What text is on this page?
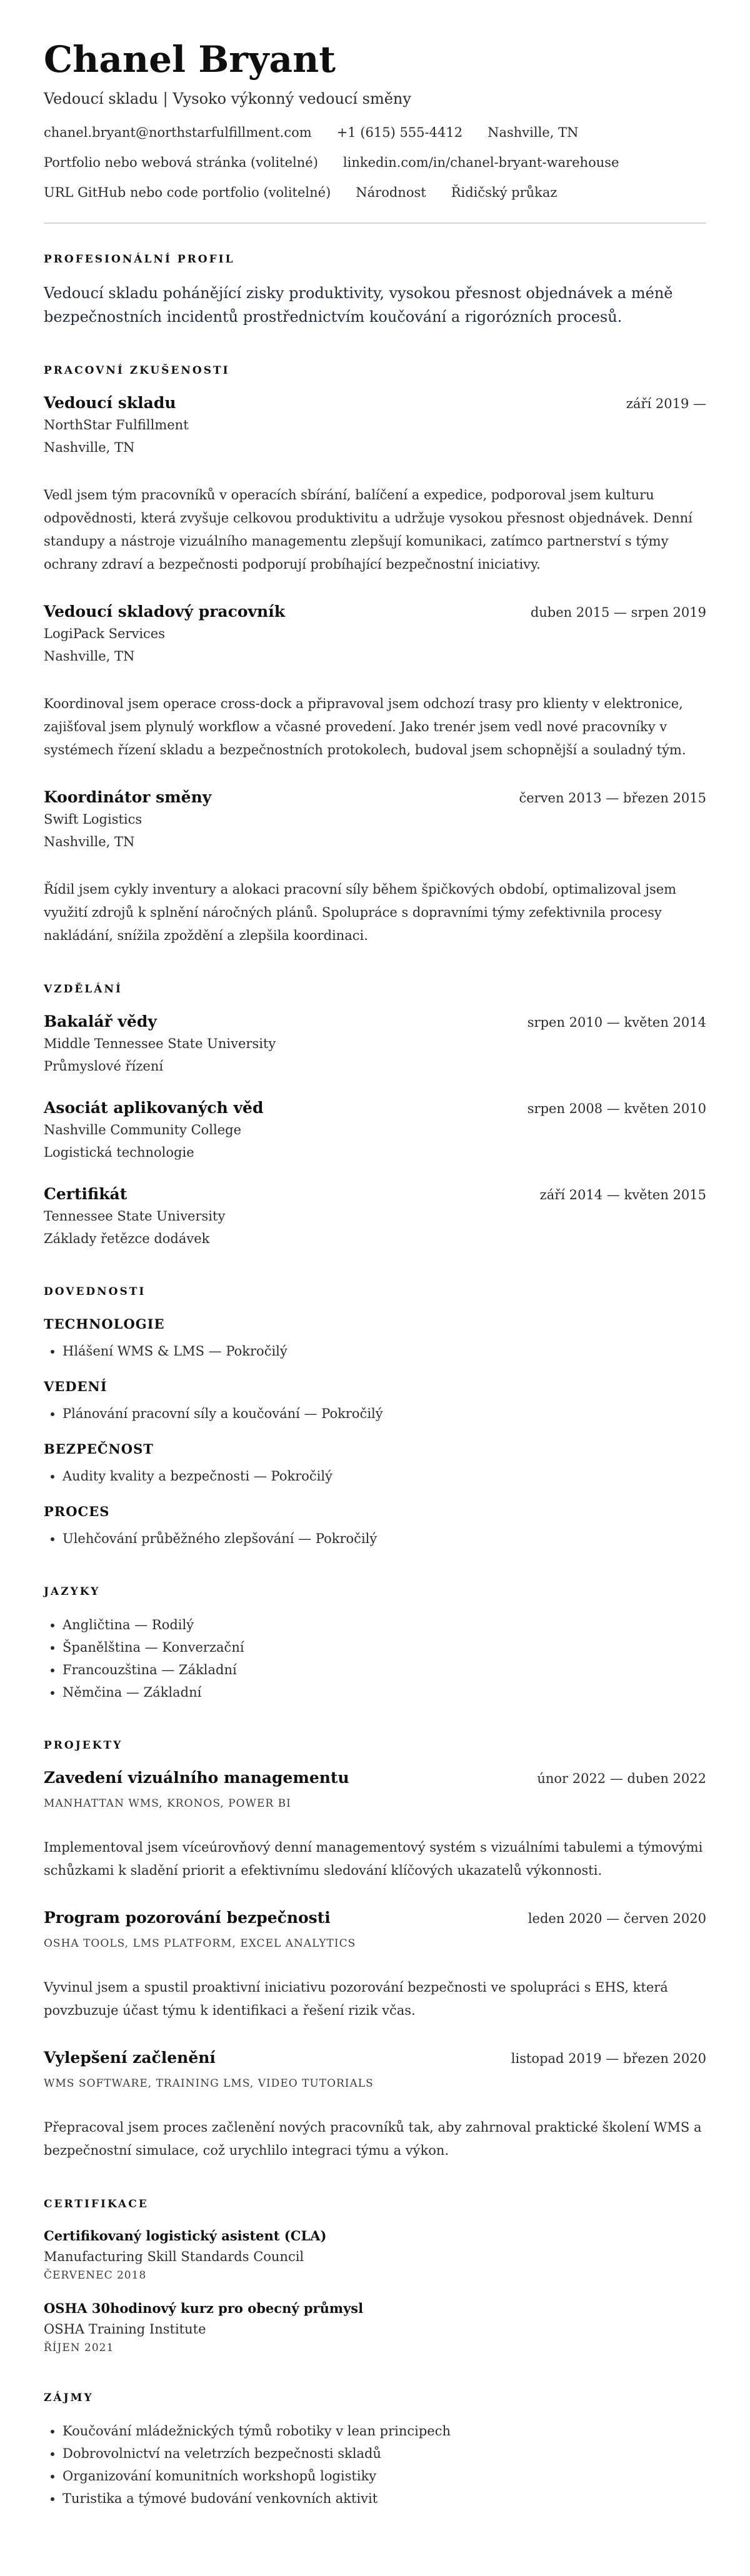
Chanel Bryant
Vedoucí skladu | Vysoko výkonný vedoucí směny
chanel.bryant@northstarfulfillment.com +1 (615) 555-4412 Nashville, TN
Portfolio nebo webová stránka (volitelné) linkedin.com/in/chanel-bryant-warehouse
URL GitHub nebo code portfolio (volitelné) Národnost Řidičský průkaz
PROFESIONÁLNÍ PROFIL

Vedoucí skladu pohánějící zisky produktivity, vysokou přesnost objednávek a méně bezpečnostních incidentů prostřednictvím koučování a rigorózních procesů.

PRACOVNÍ ZKUŠENOSTI
Vedoucí skladu	září 2019 —
NorthStar Fulfillment
Nashville, TN

Vedl jsem tým pracovníků v operacích sbírání, balíčení a expedice, podporoval jsem kulturu odpovědnosti, která zvyšuje celkovou produktivitu a udržuje vysokou přesnost objednávek. Denní standupy a nástroje vizuálního managementu zlepšují komunikaci, zatímco partnerství s týmy ochrany zdraví a bezpečnosti podporují probíhající bezpečnostní iniciativy.

Vedoucí skladový pracovník	duben 2015 — srpen 2019
LogiPack Services
Nashville, TN

Koordinoval jsem operace cross-dock a připravoval jsem odchozí trasy pro klienty v elektronice, zajišťoval jsem plynulý workflow a včasné provedení. Jako trenér jsem vedl nové pracovníky v systémech řízení skladu a bezpečnostních protokolech, budoval jsem schopnější a souladný tým.

Koordinátor směny	červen 2013 — březen 2015
Swift Logistics
Nashville, TN

Řídil jsem cykly inventury a alokaci pracovní síly během špičkových období, optimalizoval jsem využití zdrojů k splnění náročných plánů. Spolupráce s dopravními týmy zefektivnila procesy nakládání, snížila zpoždění a zlepšila koordinaci.

VZDĚLÁNÍ
Bakalář vědy	srpen 2010 — květen 2014
Middle Tennessee State University
Průmyslové řízení
Asociát aplikovaných věd	srpen 2008 — květen 2010
Nashville Community College
Logistická technologie
Certifikát	září 2014 — květen 2015
Tennessee State University
Základy řetězce dodávek
DOVEDNOSTI
TECHNOLOGIE
• Hlášení WMS & LMS — Pokročilý
VEDENÍ
• Plánování pracovní síly a koučování — Pokročilý
BEZPEČNOST
• Audity kvality a bezpečnosti — Pokročilý
PROCES
• Ulehčování průběžného zlepšování — Pokročilý
JAZYKY
• Angličtina — Rodilý
• Španělština — Konverzační
• Francouzština — Základní
• Němčina — Základní
PROJEKTY
Zavedení vizuálního managementu	únor 2022 — duben 2022
MANHATTAN WMS, KRONOS, POWER BI

Implementoval jsem víceúrovňový denní managementový systém s vizuálními tabulemi a týmovými schůzkami k sladění priorit a efektivnímu sledování klíčových ukazatelů výkonnosti.

Program pozorování bezpečnosti	leden 2020 — červen 2020
OSHA TOOLS, LMS PLATFORM, EXCEL ANALYTICS

Vyvinul jsem a spustil proaktivní iniciativu pozorování bezpečnosti ve spolupráci s EHS, která povzbuzuje účast týmu k identifikaci a řešení rizik včas.

Vylepšení začlenění	listopad 2019 — březen 2020
WMS SOFTWARE, TRAINING LMS, VIDEO TUTORIALS

Přepracoval jsem proces začlenění nových pracovníků tak, aby zahrnoval praktické školení WMS a bezpečnostní simulace, což urychlilo integraci týmu a výkon.

CERTIFIKACE
Certifikovaný logistický asistent (CLA)
Manufacturing Skill Standards Council
ČERVENEC 2018
OSHA 30hodinový kurz pro obecný průmysl
OSHA Training Institute
ŘÍJEN 2021
ZÁJMY
• Koučování mládežnických týmů robotiky v lean principech
• Dobrovolnictví na veletrzích bezpečnosti skladů
• Organizování komunitních workshopů logistiky
• Turistika a týmové budování venkovních aktivit
